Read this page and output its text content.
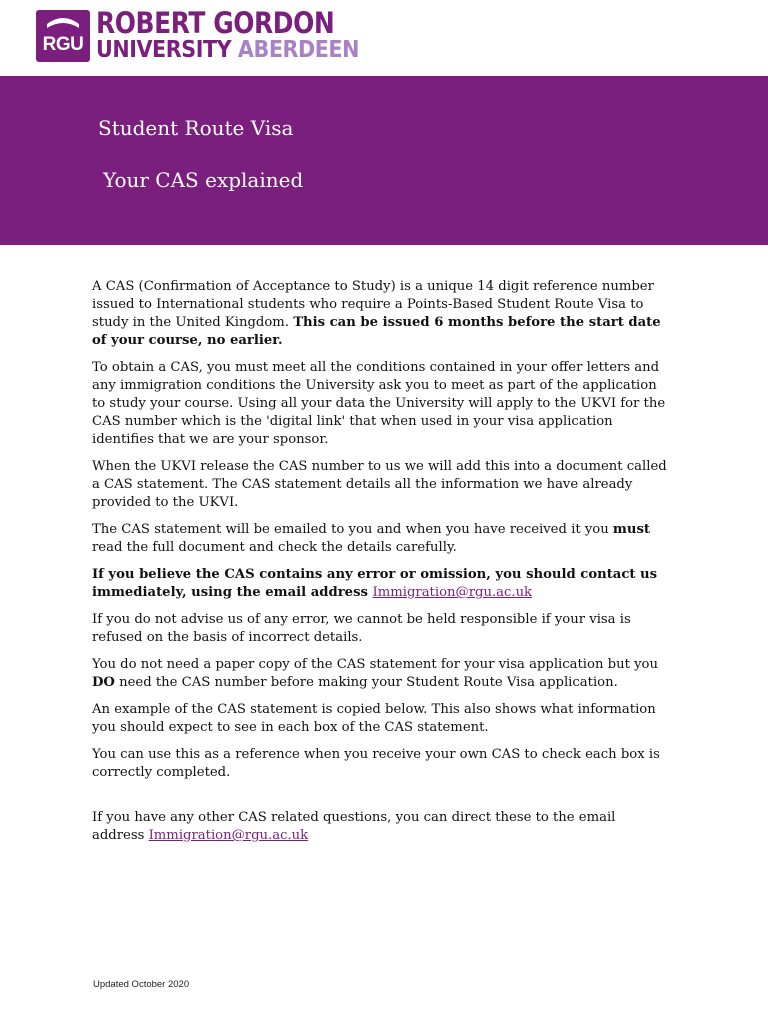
RGU
ROBERT GORDON
UNIVERSITY ABERDEEN
Student Route Visa
Your CAS explained

A CAS (Confirmation of Acceptance to Study) is a unique 14 digit reference number issued to International students who require a Points-Based Student Route Visa to study in the United Kingdom. This can be issued 6 months before the start date of your course, no earlier.

To obtain a CAS, you must meet all the conditions contained in your offer letters and any immigration conditions the University ask you to meet as part of the application to study your course. Using all your data the University will apply to the UKVI for the CAS number which is the 'digital link' that when used in your visa application identifies that we are your sponsor.

When the UKVI release the CAS number to us we will add this into a document called a CAS statement. The CAS statement details all the information we have already provided to the UKVI.

The CAS statement will be emailed to you and when you have received it you must read the full document and check the details carefully.

If you believe the CAS contains any error or omission, you should contact us immediately, using the email address Immigration@rgu.ac.uk

If you do not advise us of any error, we cannot be held responsible if your visa is refused on the basis of incorrect details.

You do not need a paper copy of the CAS statement for your visa application but you DO need the CAS number before making your Student Route Visa application.

An example of the CAS statement is copied below. This also shows what information you should expect to see in each box of the CAS statement.

You can use this as a reference when you receive your own CAS to check each box is correctly completed.

If you have any other CAS related questions, you can direct these to the email address Immigration@rgu.ac.uk

Updated October 2020
